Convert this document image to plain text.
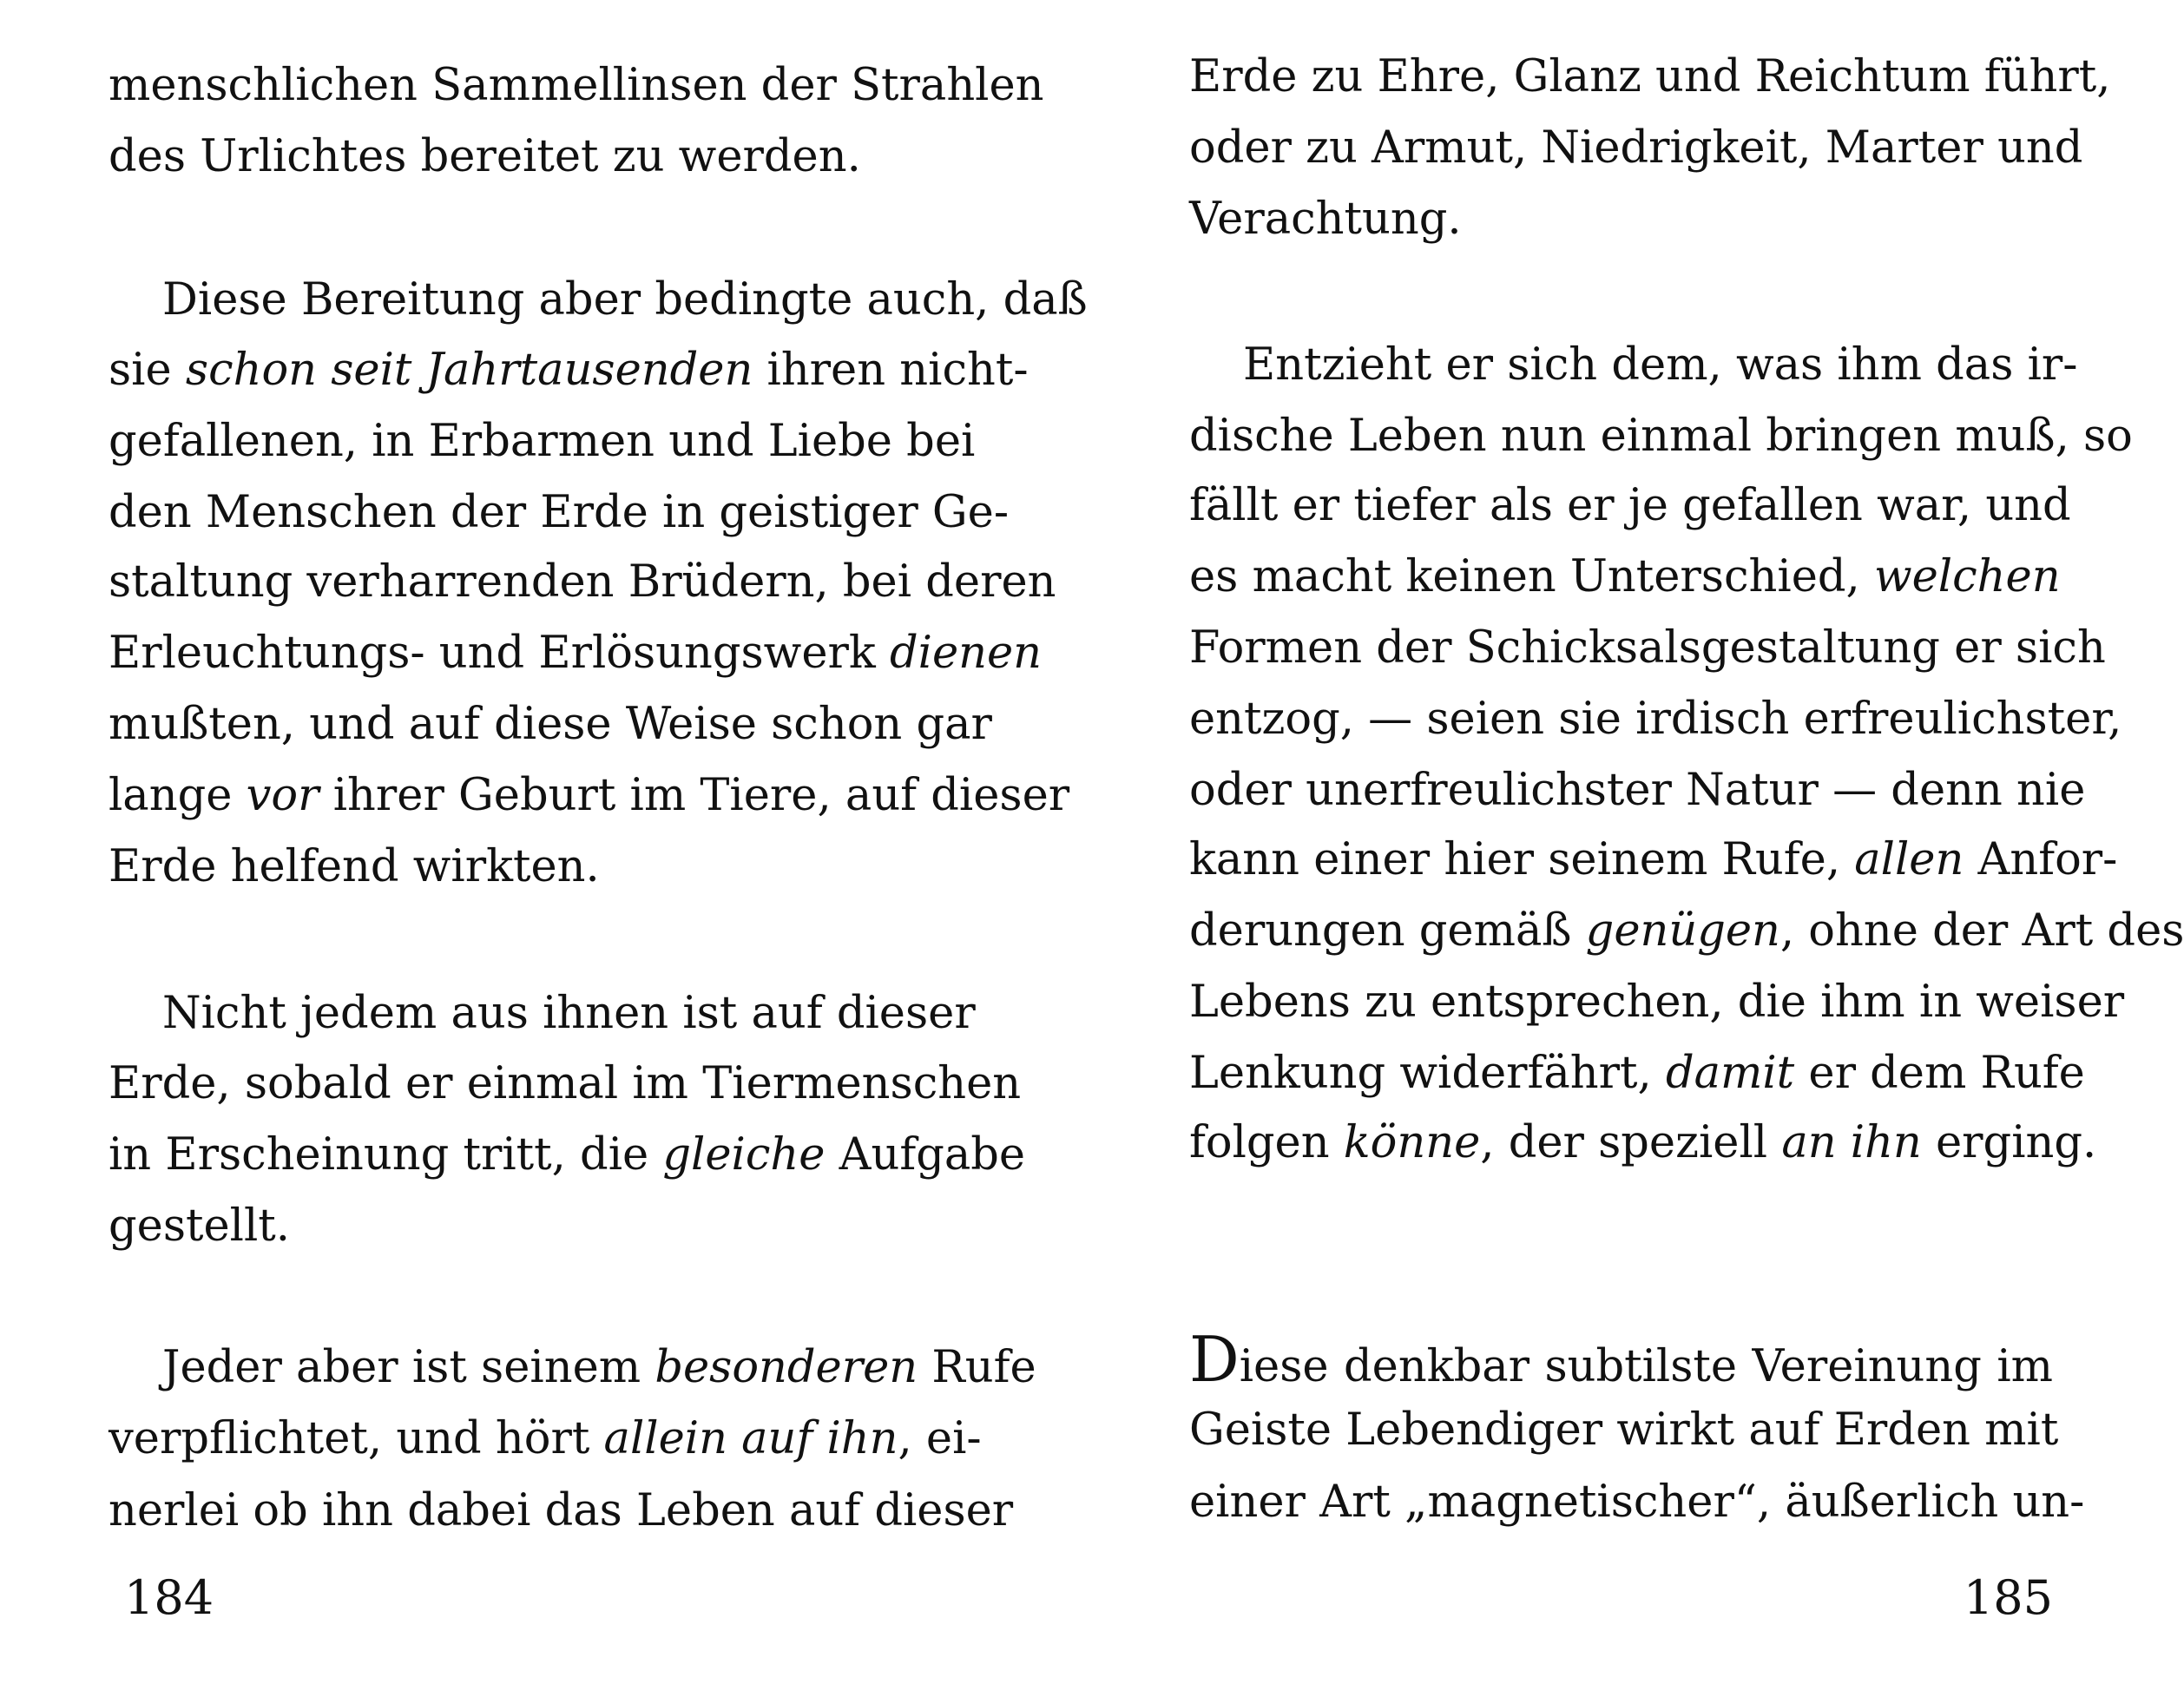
menschlichen Sammellinsen der Strahlen
des Urlichtes bereitet zu werden.
Diese Bereitung aber bedingte auch, daß
sie schon seit Jahrtausenden ihren nicht-
gefallenen, in Erbarmen und Liebe bei
den Menschen der Erde in geistiger Ge-
staltung verharrenden Brüdern, bei deren
Erleuchtungs- und Erlösungswerk dienen
mußten, und auf diese Weise schon gar
lange vor ihrer Geburt im Tiere, auf dieser
Erde helfend wirkten.
Nicht jedem aus ihnen ist auf dieser
Erde, sobald er einmal im Tiermenschen
in Erscheinung tritt, die gleiche Aufgabe
gestellt.
Jeder aber ist seinem besonderen Rufe
verpflichtet, und hört allein auf ihn, ei-
nerlei ob ihn dabei das Leben auf dieser
184
Erde zu Ehre, Glanz und Reichtum führt,
oder zu Armut, Niedrigkeit, Marter und
Verachtung.
Entzieht er sich dem, was ihm das ir-
dische Leben nun einmal bringen muß, so
fällt er tiefer als er je gefallen war, und
es macht keinen Unterschied, welchen
Formen der Schicksalsgestaltung er sich
entzog, — seien sie irdisch erfreulichster,
oder unerfreulichster Natur — denn nie
kann einer hier seinem Rufe, allen Anfor-
derungen gemäß genügen, ohne der Art des
Lebens zu entsprechen, die ihm in weiser
Lenkung widerfährt, damit er dem Rufe
folgen könne, der speziell an ihn erging.
Diese denkbar subtilste Vereinung im
Geiste Lebendiger wirkt auf Erden mit
einer Art „magnetischer“, äußerlich un-
185
